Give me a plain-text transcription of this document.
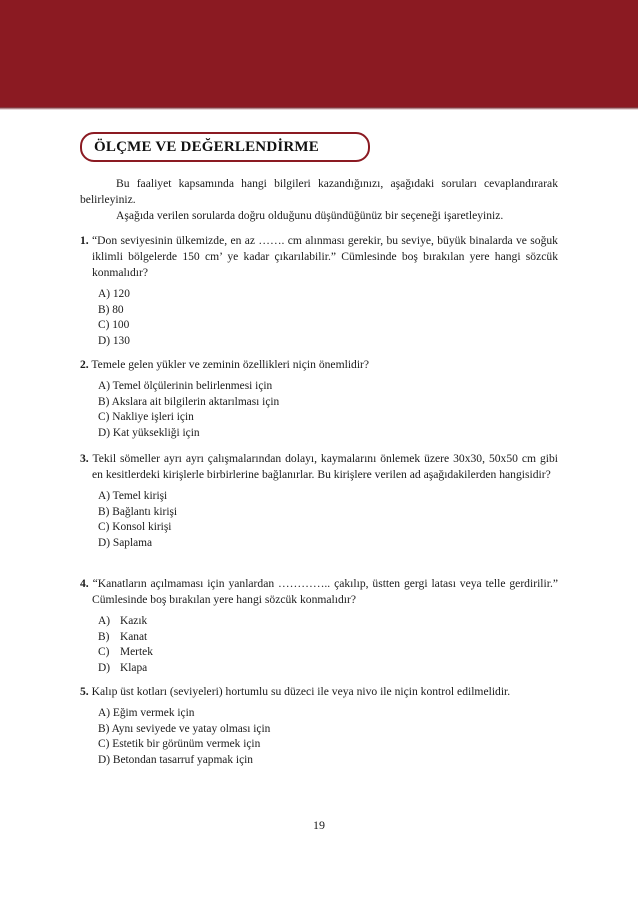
ÖLÇME VE DEĞERLENDİRME

Bu faaliyet kapsamında hangi bilgileri kazandığınızı, aşağıdaki soruları cevaplandırarak belirleyiniz.

Aşağıda verilen sorularda doğru olduğunu düşündüğünüz bir seçeneği işaretleyiniz.

1. “Don seviyesinin ülkemizde, en az ……. cm alınması gerekir, bu seviye, büyük binalarda ve soğuk iklimli bölgelerde 150 cm’ ye kadar çıkarılabilir.” Cümlesinde boş bırakılan yere hangi sözcük konmalıdır?

A) 120
B) 80
C) 100
D) 130

2. Temele gelen yükler ve zeminin özellikleri niçin önemlidir?

A) Temel ölçülerinin belirlenmesi için
B) Akslara ait bilgilerin aktarılması için
C) Nakliye işleri için
D) Kat yüksekliği için

3. Tekil sömeller ayrı ayrı çalışmalarından dolayı, kaymalarını önlemek üzere 30x30, 50x50 cm gibi en kesitlerdeki kirişlerle birbirlerine bağlanırlar. Bu kirişlere verilen ad aşağıdakilerden hangisidir?

A) Temel kirişi
B) Bağlantı kirişi
C) Konsol kirişi
D) Saplama

4. “Kanatların açılmaması için yanlardan ………….. çakılıp, üstten gergi latası veya telle gerdirilir.” Cümlesinde boş bırakılan yere hangi sözcük konmalıdır?

A) Kazık
B) Kanat
C) Mertek
D) Klapa

5. Kalıp üst kotları (seviyeleri) hortumlu su düzeci ile veya nivo ile niçin kontrol edilmelidir.

A) Eğim vermek için
B) Aynı seviyede ve yatay olması için
C) Estetik bir görünüm vermek için
D) Betondan tasarruf yapmak için
19
